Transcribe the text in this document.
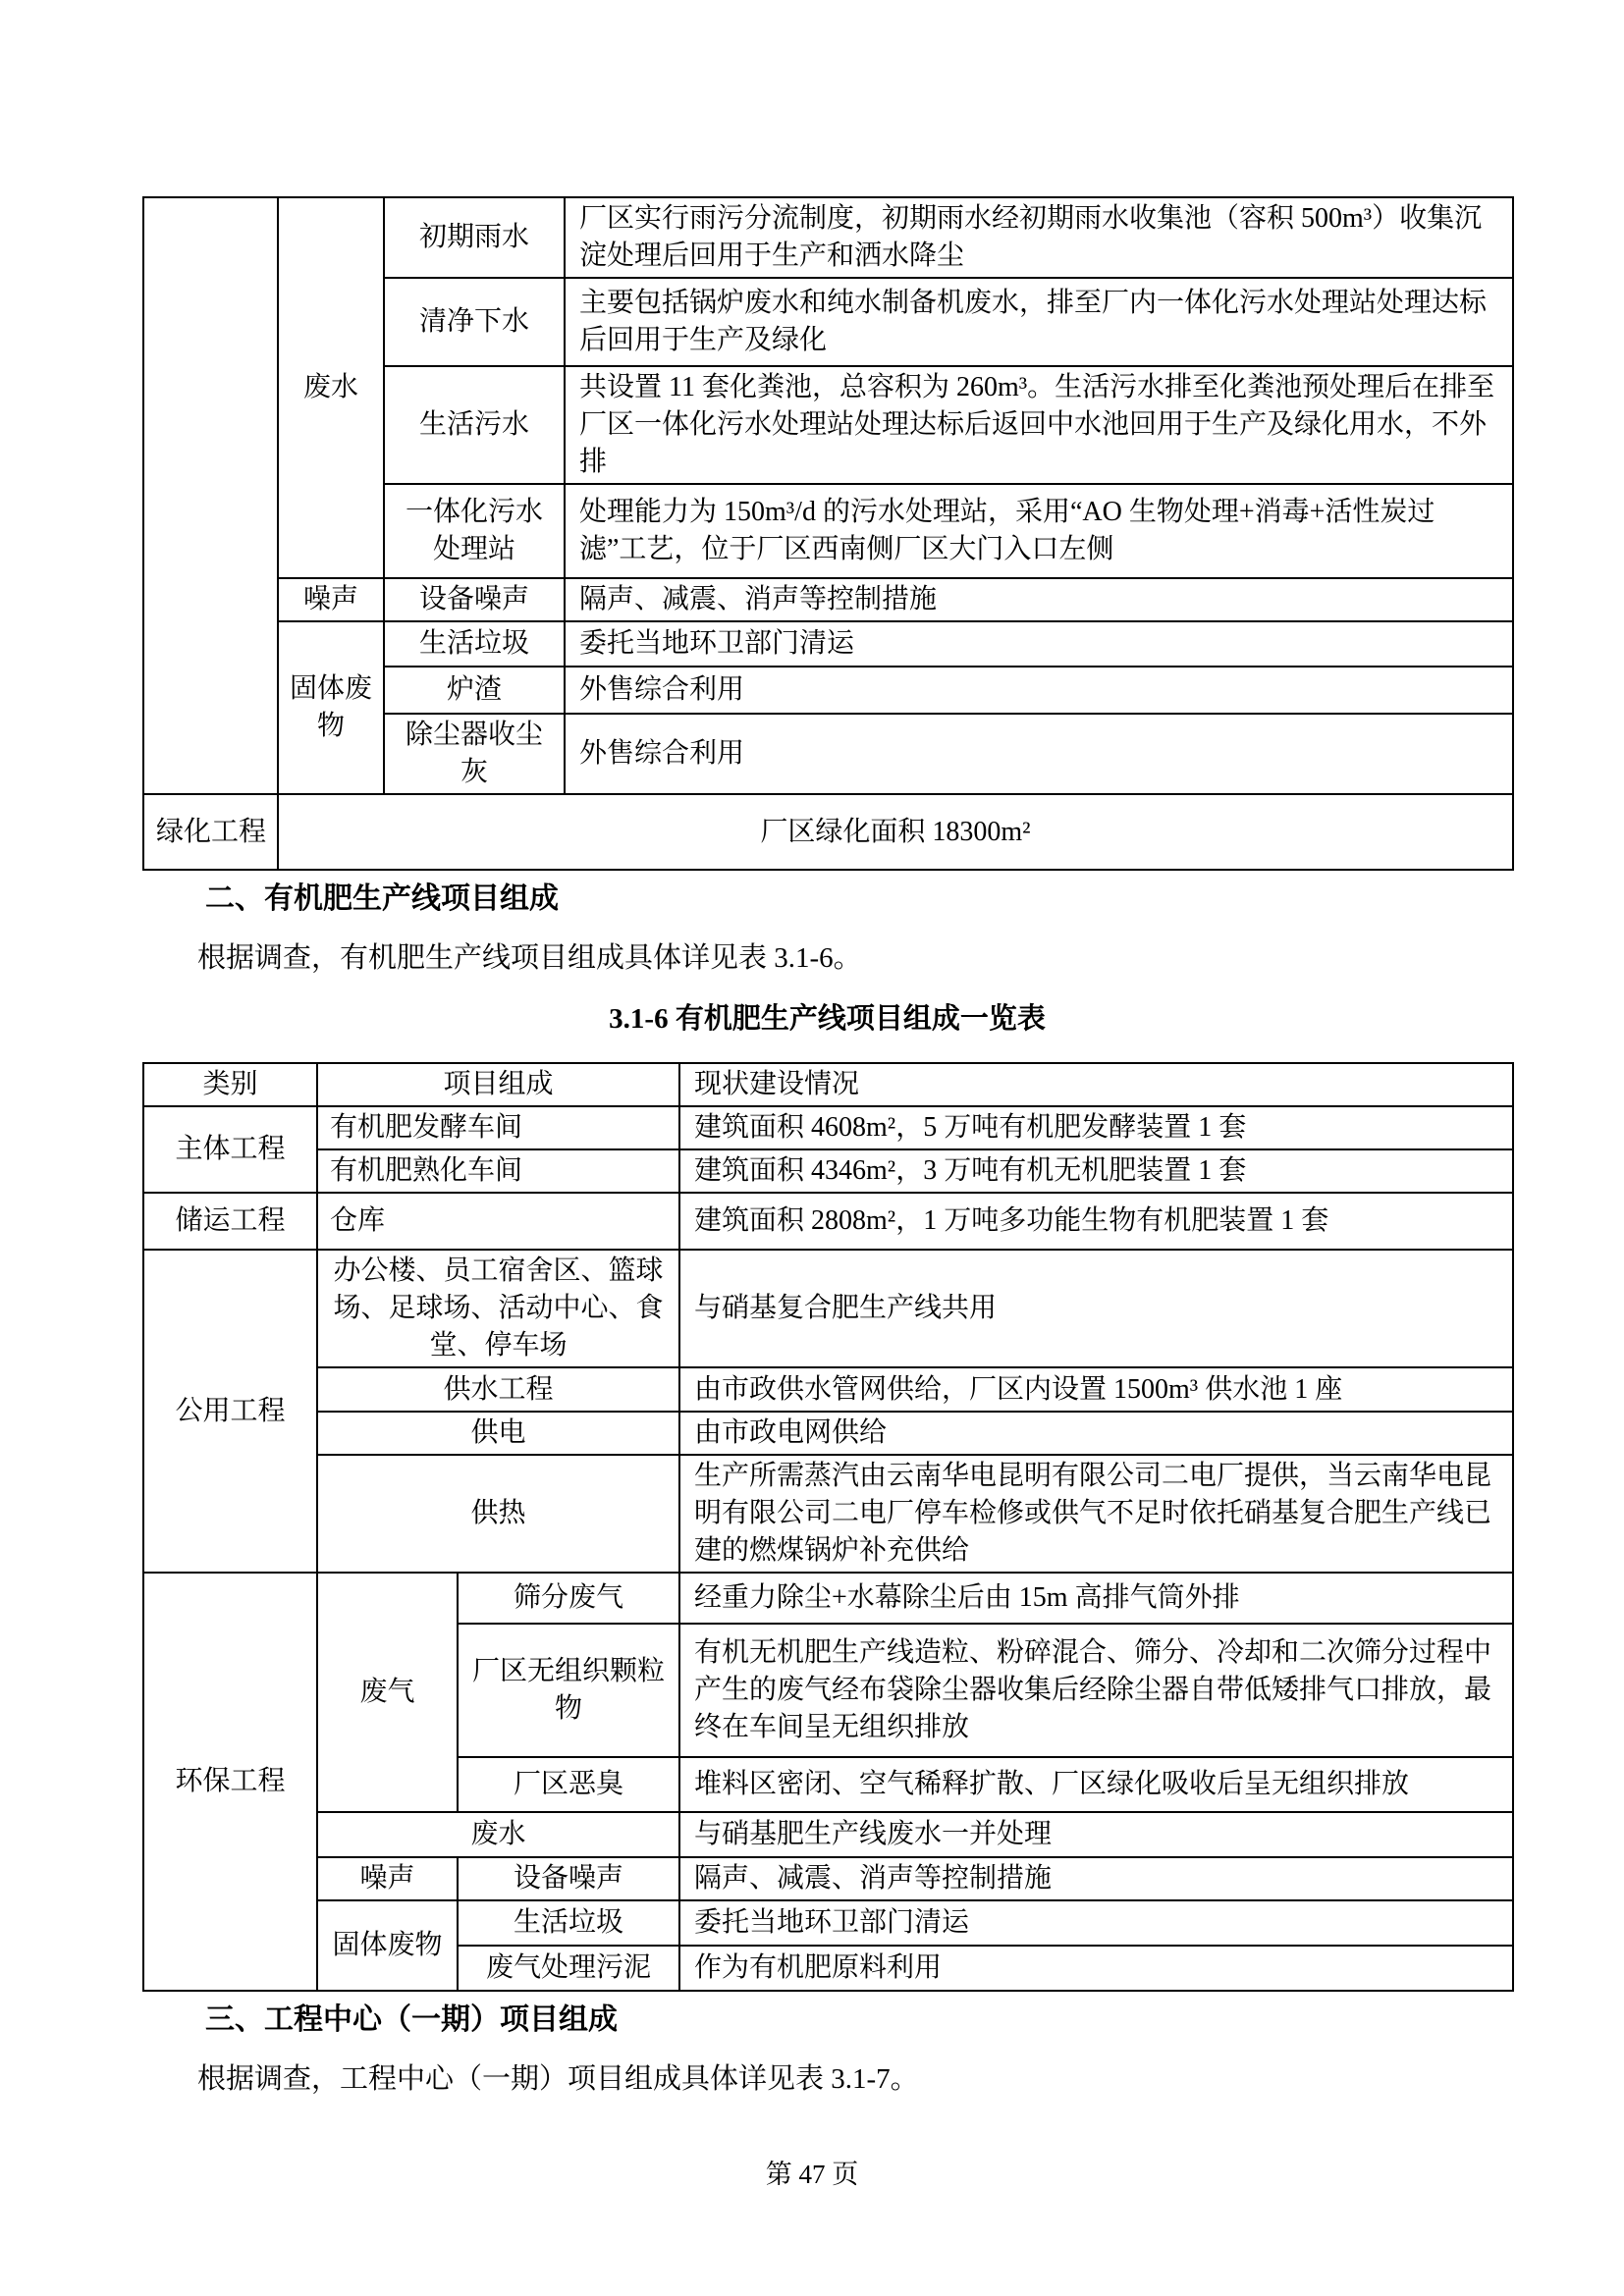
	废水	初期雨水	厂区实行雨污分流制度，初期雨水经初期雨水收集池（容积 500m³）收集沉淀处理后回用于生产和洒水降尘
		清净下水	主要包括锅炉废水和纯水制备机废水，排至厂内一体化污水处理站处理达标后回用于生产及绿化
		生活污水	共设置 11 套化粪池，总容积为 260m³。生活污水排至化粪池预处理后在排至厂区一体化污水处理站处理达标后返回中水池回用于生产及绿化用水，不外排
		一体化污水处理站	处理能力为 150m³/d 的污水处理站，采用“AO 生物处理+消毒+活性炭过滤”工艺，位于厂区西南侧厂区大门入口左侧
	噪声	设备噪声	隔声、减震、消声等控制措施
	固体废物	生活垃圾	委托当地环卫部门清运
		炉渣	外售综合利用
		除尘器收尘灰	外售综合利用
绿化工程	厂区绿化面积 18300m²		
二、有机肥生产线项目组成
根据调查，有机肥生产线项目组成具体详见表 3.1-6。
3.1-6 有机肥生产线项目组成一览表
类别	项目组成		现状建设情况
主体工程	有机肥发酵车间		建筑面积 4608m²，5 万吨有机肥发酵装置 1 套
	有机肥熟化车间		建筑面积 4346m²，3 万吨有机无机肥装置 1 套
储运工程	仓库		建筑面积 2808m²，1 万吨多功能生物有机肥装置 1 套
公用工程	办公楼、员工宿舍区、篮球场、足球场、活动中心、食堂、停车场		与硝基复合肥生产线共用
	供水工程		由市政供水管网供给，厂区内设置 1500m³ 供水池 1 座
	供电		由市政电网供给
	供热		生产所需蒸汽由云南华电昆明有限公司二电厂提供，当云南华电昆明有限公司二电厂停车检修或供气不足时依托硝基复合肥生产线已建的燃煤锅炉补充供给
环保工程	废气	筛分废气	经重力除尘+水幕除尘后由 15m 高排气筒外排
		厂区无组织颗粒物	有机无机肥生产线造粒、粉碎混合、筛分、冷却和二次筛分过程中产生的废气经布袋除尘器收集后经除尘器自带低矮排气口排放，最终在车间呈无组织排放
		厂区恶臭	堆料区密闭、空气稀释扩散、厂区绿化吸收后呈无组织排放
	废水		与硝基肥生产线废水一并处理
	噪声	设备噪声	隔声、减震、消声等控制措施
	固体废物	生活垃圾	委托当地环卫部门清运
		废气处理污泥	作为有机肥原料利用
三、工程中心（一期）项目组成
根据调查，工程中心（一期）项目组成具体详见表 3.1-7。
第 47 页
